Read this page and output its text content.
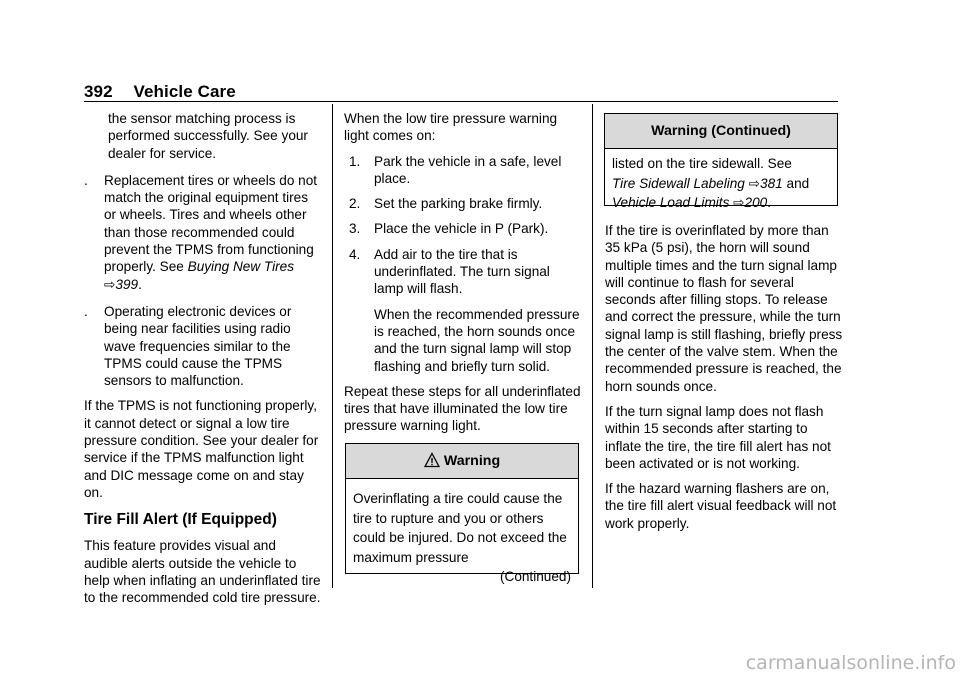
392 Vehicle Care

the sensor matching process is performed successfully. See your dealer for service.

. Replacement tires or wheels do not match the original equipment tires or wheels. Tires and wheels other than those recommended could prevent the TPMS from functioning properly. See Buying New Tires ⇨399.

. Operating electronic devices or being near facilities using radio wave frequencies similar to the TPMS could cause the TPMS sensors to malfunction.

If the TPMS is not functioning properly, it cannot detect or signal a low tire pressure condition. See your dealer for service if the TPMS malfunction light and DIC message come on and stay on.

Tire Fill Alert (If Equipped)

This feature provides visual and audible alerts outside the vehicle to help when inflating an underinflated tire to the recommended cold tire pressure.

When the low tire pressure warning light comes on:

1. Park the vehicle in a safe, level place.

2. Set the parking brake firmly.

3. Place the vehicle in P (Park).

4. Add air to the tire that is underinflated. The turn signal lamp will flash.

When the recommended pressure is reached, the horn sounds once and the turn signal lamp will stop flashing and briefly turn solid.

Repeat these steps for all underinflated tires that have illuminated the low tire pressure warning light.

Warning
Overinflating a tire could cause the tire to rupture and you or others could be injured. Do not exceed the maximum pressure
(Continued)
Warning (Continued)
listed on the tire sidewall. See
Tire Sidewall Labeling ⇨381 and
Vehicle Load Limits ⇨200.

If the tire is overinflated by more than 35 kPa (5 psi), the horn will sound multiple times and the turn signal lamp will continue to flash for several seconds after filling stops. To release and correct the pressure, while the turn signal lamp is still flashing, briefly press the center of the valve stem. When the recommended pressure is reached, the horn sounds once.

If the turn signal lamp does not flash within 15 seconds after starting to inflate the tire, the tire fill alert has not been activated or is not working.

If the hazard warning flashers are on, the tire fill alert visual feedback will not work properly.

carmanualsonline.info
